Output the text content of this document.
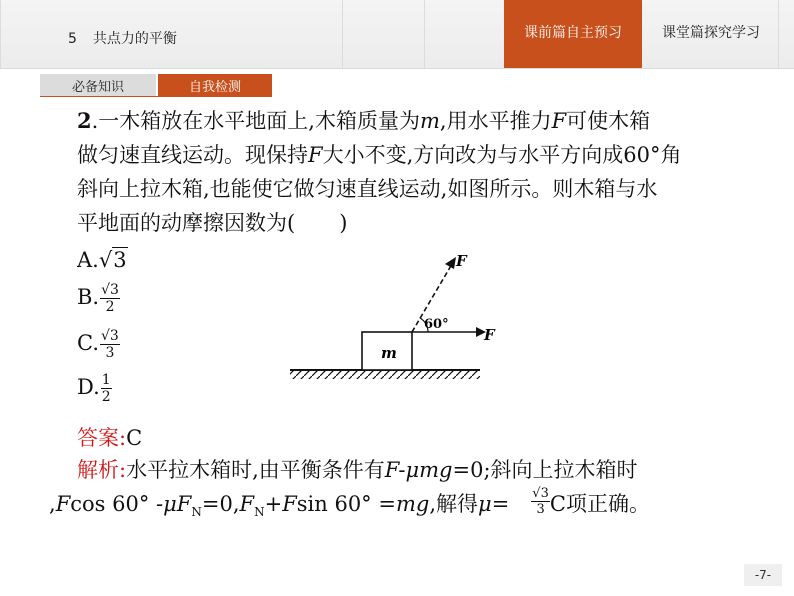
5 共点力的平衡	课前篇自主预习	课堂篇探究学习
必备知识	自我检测

2.一木箱放在水平地面上,木箱质量为m,用水平推力F可使木箱

做匀速直线运动。现保持F大小不变,方向改为与水平方向成60°角

斜向上拉木箱,也能使它做匀速直线运动,如图所示。则木箱与水

平地面的动摩擦因数为( )

A.√3
B. $\frac{√3}{2}$
C. $\frac{√3}{3}$
D. $\frac{1}{2}$
m
F
F
60°
答案:C
解析:水平拉木箱时,由平衡条件有F-μmg=0;斜向上拉木箱时
,Fcos 60° $-\mu F_N=0,F_N+Fsin$ 60° =mg,解得$\mu= \frac{√3}{3}$ C项正确。
-7-
